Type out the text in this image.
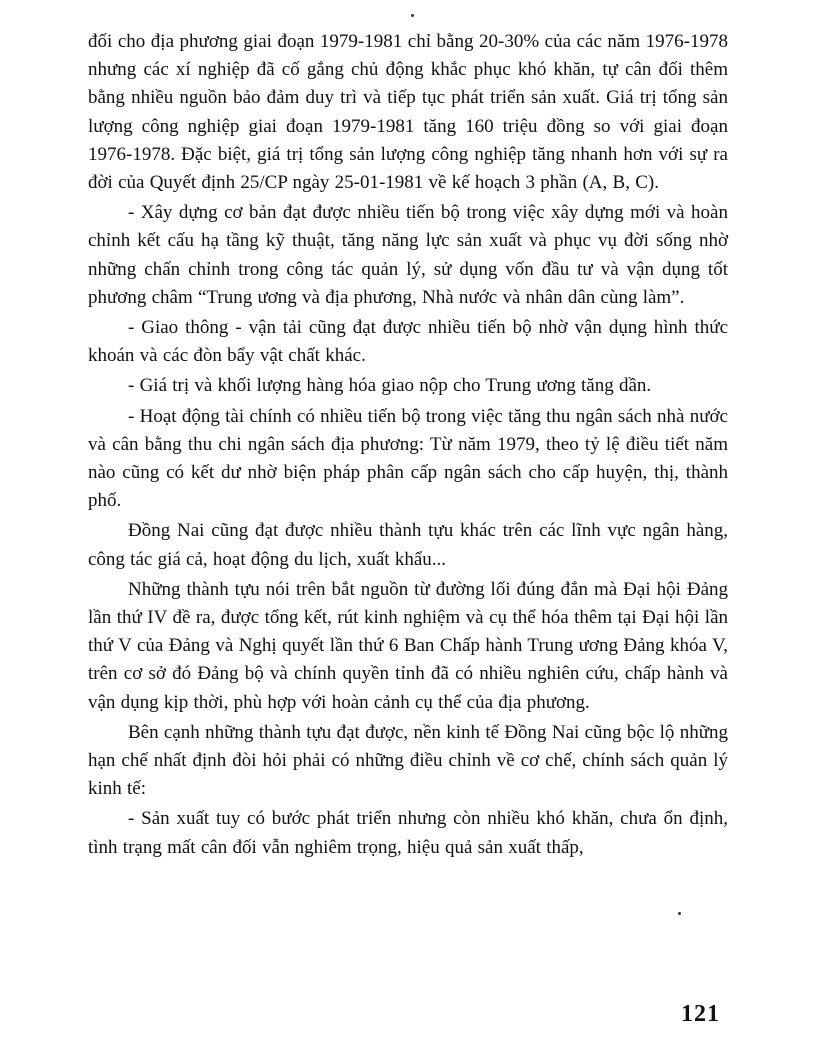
đối cho địa phương giai đoạn 1979-1981 chỉ bằng 20-30% của các năm 1976-1978 nhưng các xí nghiệp đã cố gắng chủ động khắc phục khó khăn, tự cân đối thêm bằng nhiều nguồn bảo đảm duy trì và tiếp tục phát triển sản xuất. Giá trị tổng sản lượng công nghiệp giai đoạn 1979-1981 tăng 160 triệu đồng so với giai đoạn 1976-1978. Đặc biệt, giá trị tổng sản lượng công nghiệp tăng nhanh hơn với sự ra đời của Quyết định 25/CP ngày 25-01-1981 về kế hoạch 3 phần (A, B, C).

- Xây dựng cơ bản đạt được nhiều tiến bộ trong việc xây dựng mới và hoàn chỉnh kết cấu hạ tầng kỹ thuật, tăng năng lực sản xuất và phục vụ đời sống nhờ những chấn chỉnh trong công tác quản lý, sử dụng vốn đầu tư và vận dụng tốt phương châm “Trung ương và địa phương, Nhà nước và nhân dân cùng làm”.

- Giao thông - vận tải cũng đạt được nhiều tiến bộ nhờ vận dụng hình thức khoán và các đòn bẩy vật chất khác.

- Giá trị và khối lượng hàng hóa giao nộp cho Trung ương tăng dần.

- Hoạt động tài chính có nhiều tiến bộ trong việc tăng thu ngân sách nhà nước và cân bằng thu chi ngân sách địa phương: Từ năm 1979, theo tỷ lệ điều tiết năm nào cũng có kết dư nhờ biện pháp phân cấp ngân sách cho cấp huyện, thị, thành phố.

Đồng Nai cũng đạt được nhiều thành tựu khác trên các lĩnh vực ngân hàng, công tác giá cả, hoạt động du lịch, xuất khẩu...

Những thành tựu nói trên bắt nguồn từ đường lối đúng đắn mà Đại hội Đảng lần thứ IV đề ra, được tổng kết, rút kinh nghiệm và cụ thể hóa thêm tại Đại hội lần thứ V của Đảng và Nghị quyết lần thứ 6 Ban Chấp hành Trung ương Đảng khóa V, trên cơ sở đó Đảng bộ và chính quyền tỉnh đã có nhiều nghiên cứu, chấp hành và vận dụng kịp thời, phù hợp với hoàn cảnh cụ thể của địa phương.

Bên cạnh những thành tựu đạt được, nền kinh tế Đồng Nai cũng bộc lộ những hạn chế nhất định đòi hỏi phải có những điều chỉnh về cơ chế, chính sách quản lý kinh tế:

- Sản xuất tuy có bước phát triển nhưng còn nhiều khó khăn, chưa ổn định, tình trạng mất cân đối vẫn nghiêm trọng, hiệu quả sản xuất thấp,

121
